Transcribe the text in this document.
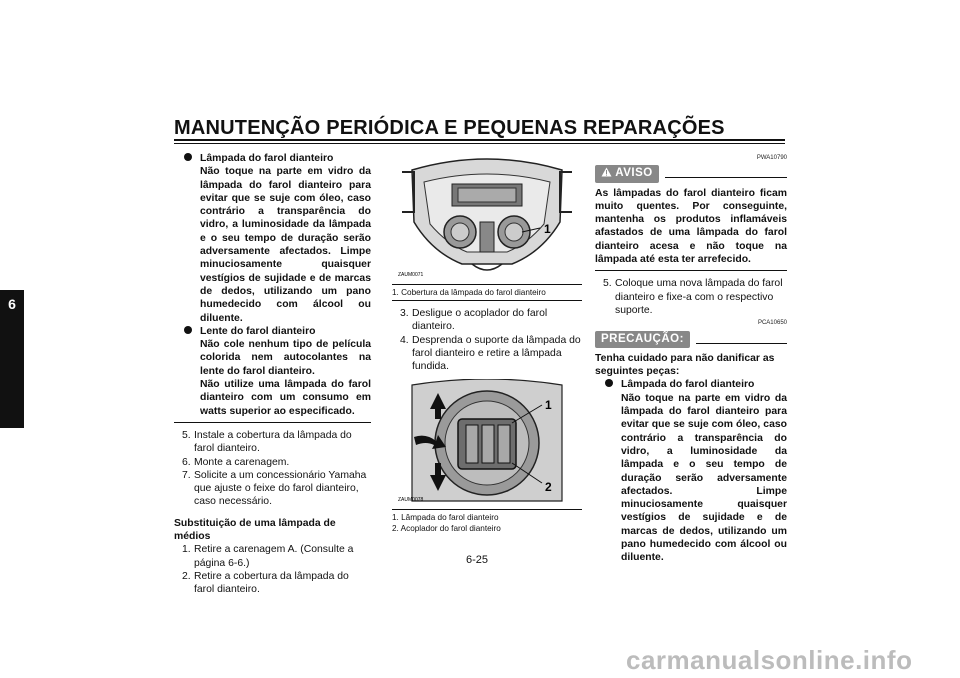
MANUTENÇÃO PERIÓDICA E PEQUENAS REPARAÇÕES
6
Lâmpada do farol dianteiro
Não toque na parte em vidro da lâmpada do farol dianteiro para evitar que se suje com óleo, caso contrário a transparência do vidro, a luminosidade da lâmpada e o seu tempo de duração serão adversamente afectados. Limpe minuciosamente quaisquer vestígios de sujidade e de marcas de dedos, utilizando um pano humedecido com álcool ou diluente.
Lente do farol dianteiro
Não cole nenhum tipo de película colorida nem autocolantes na lente do farol dianteiro.
Não utilize uma lâmpada do farol dianteiro com um consumo em watts superior ao especificado.
5. Instale a cobertura da lâmpada do farol dianteiro.
6. Monte a carenagem.
7. Solicite a um concessionário Yamaha que ajuste o feixe do farol dianteiro, caso necessário.
Substituição de uma lâmpada de médios
1. Retire a carenagem A. (Consulte a página 6-6.)
2. Retire a cobertura da lâmpada do farol dianteiro.
ZAUM0071
1
1. Cobertura da lâmpada do farol dianteiro
3. Desligue o acoplador do farol dianteiro.
4. Desprenda o suporte da lâmpada do farol dianteiro e retire a lâmpada fundida.
ZAUM0078
1
2
1. Lâmpada do farol dianteiro
2. Acoplador do farol dianteiro
PWA10790
AVISO
As lâmpadas do farol dianteiro ficam muito quentes. Por conseguinte, mantenha os produtos inflamáveis afastados de uma lâmpada do farol dianteiro acesa e não toque na lâmpada até esta ter arrefecido.
5. Coloque uma nova lâmpada do farol dianteiro e fixe-a com o respectivo suporte.
PCA10650
PRECAUÇÃO:
Tenha cuidado para não danificar as seguintes peças:
Lâmpada do farol dianteiro
Não toque na parte em vidro da lâmpada do farol dianteiro para evitar que se suje com óleo, caso contrário a transparência do vidro, a luminosidade da lâmpada e o seu tempo de duração serão adversamente afectados. Limpe minuciosamente quaisquer vestígios de sujidade e de marcas de dedos, utilizando um pano humedecido com álcool ou diluente.
6-25
carmanualsonline.info
